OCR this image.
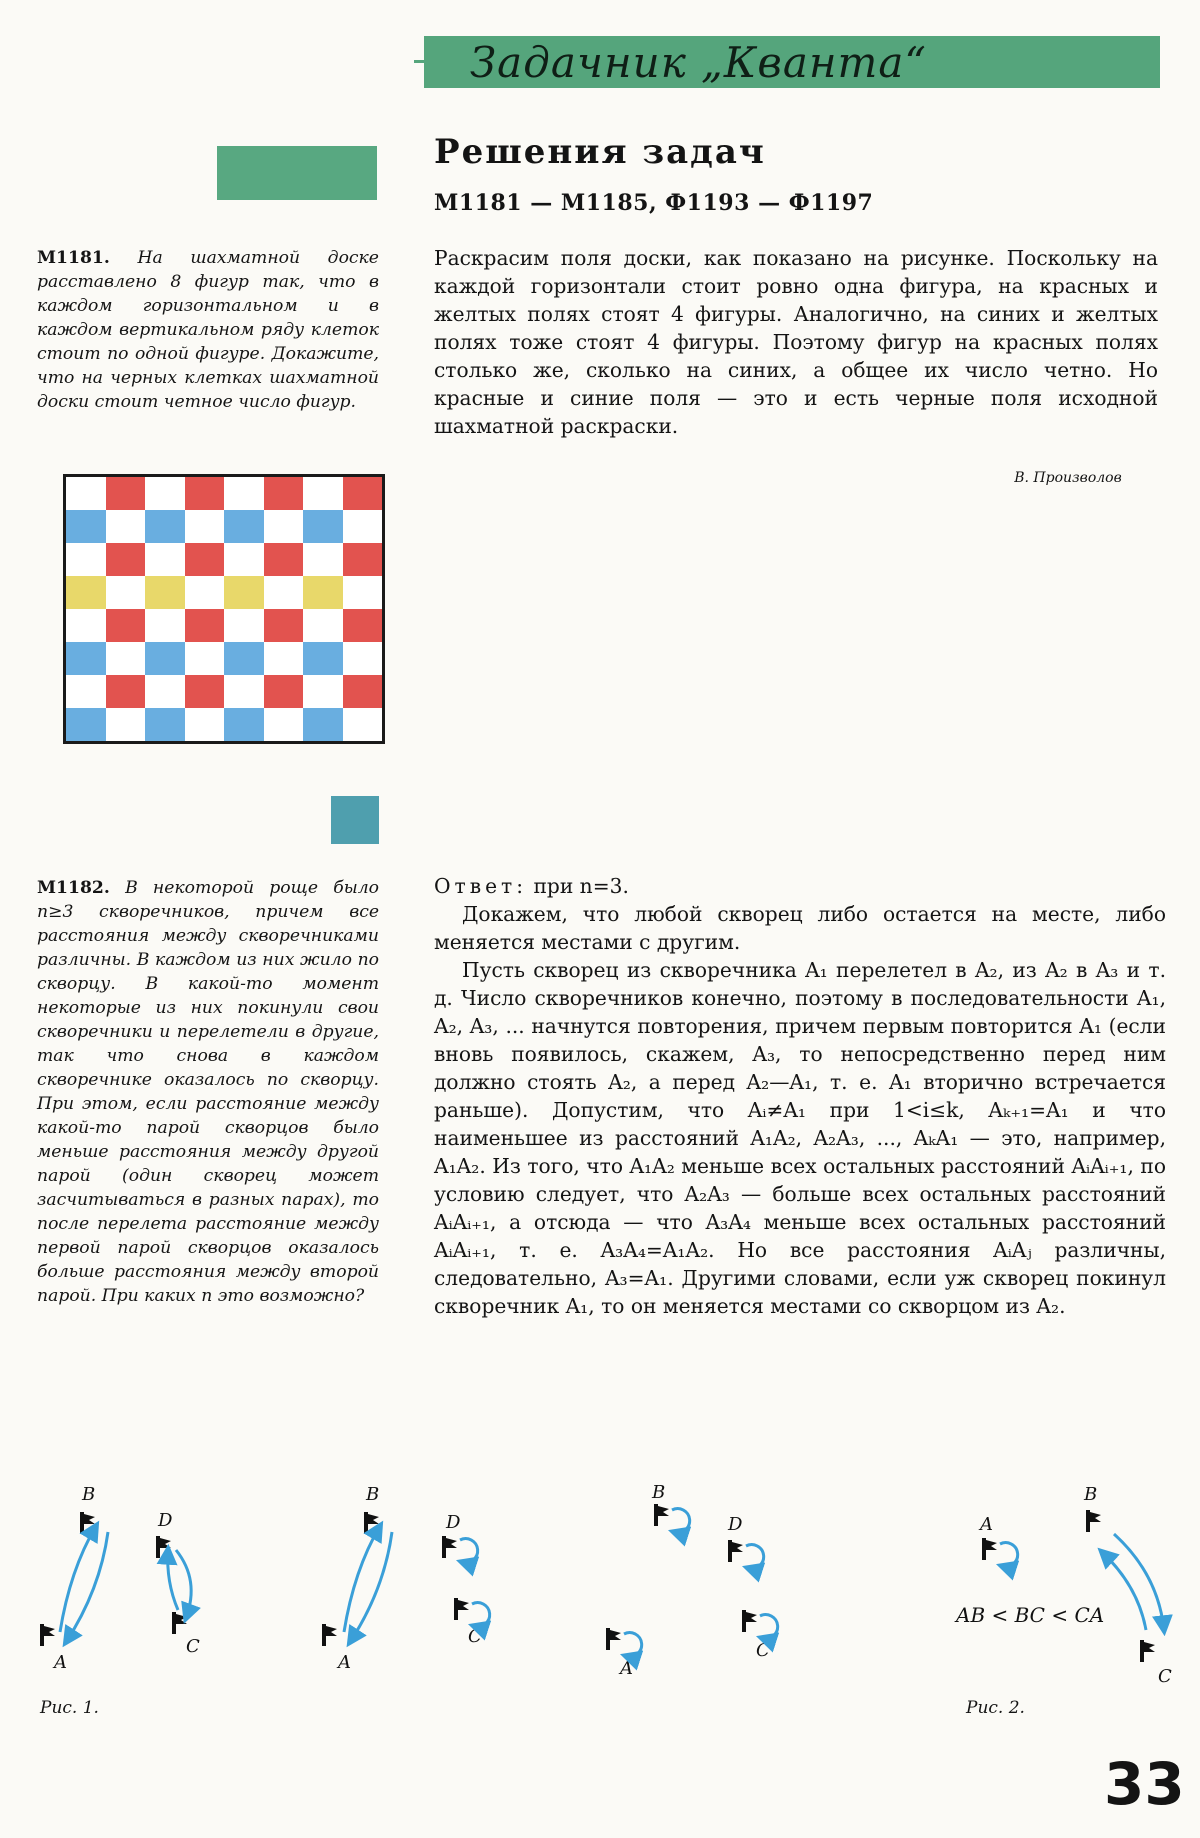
Задачник „Кванта“
Решения задач
М1181 — М1185, Ф1193 — Ф1197
М1181. На шахматной доске расставлено 8 фигур так, что в каждом горизонтальном и в каждом вертикальном ряду клеток стоит по одной фигуре. Докажите, что на черных клетках шахматной доски стоит четное число фигур.

Раскрасим поля доски, как показано на рисунке. Поскольку на каждой горизонтали стоит ровно одна фигура, на красных и желтых полях стоят 4 фигуры. Аналогично, на синих и желтых полях тоже стоят 4 фигуры. Поэтому фигур на красных полях столько же, сколько на синих, а общее их число четно. Но красные и синие поля — это и есть черные поля исходной шахматной раскраски.

В. Произволов
М1182. В некоторой роще было n≥3 скворечников, причем все расстояния между скворечниками различны. В каждом из них жило по скворцу. В какой-то момент некоторые из них покинули свои скворечники и перелетели в другие, так что снова в каждом скворечнике оказалось по скворцу. При этом, если расстояние между какой-то парой скворцов было меньше расстояния между другой парой (один скворец может засчитываться в разных парах), то после перелета расстояние между первой парой скворцов оказалось больше расстояния между второй парой. При каких n это возможно?

Ответ: при n=3.

Докажем, что любой скворец либо остается на месте, либо меняется местами с другим.

Пусть скворец из скворечника A₁ перелетел в A₂, из A₂ в A₃ и т. д. Число скворечников конечно, поэтому в последовательности A₁, A₂, A₃, ... начнутся повторения, причем первым повторится A₁ (если вновь появилось, скажем, A₃, то непосредственно перед ним должно стоять A₂, а перед A₂—A₁, т. е. A₁ вторично встречается раньше). Допустим, что Aᵢ≠A₁ при 1<i≤k, Aₖ₊₁=A₁ и что наименьшее из расстояний A₁A₂, A₂A₃, ..., AₖA₁ — это, например, A₁A₂. Из того, что A₁A₂ меньше всех остальных расстояний AᵢAᵢ₊₁, по условию следует, что A₂A₃ — больше всех остальных расстояний AᵢAᵢ₊₁, а отсюда — что A₃A₄ меньше всех остальных расстояний AᵢAᵢ₊₁, т. е. A₃A₄=A₁A₂. Но все расстояния AᵢAⱼ различны, следовательно, A₃=A₁. Другими словами, если уж скворец покинул скворечник A₁, то он меняется местами со скворцом из A₂.

B
D
A
C
B
A
D
C
B
D
A
C
A
B
C
AB < BC < CA
Рис. 1.	Рис. 2.
33
